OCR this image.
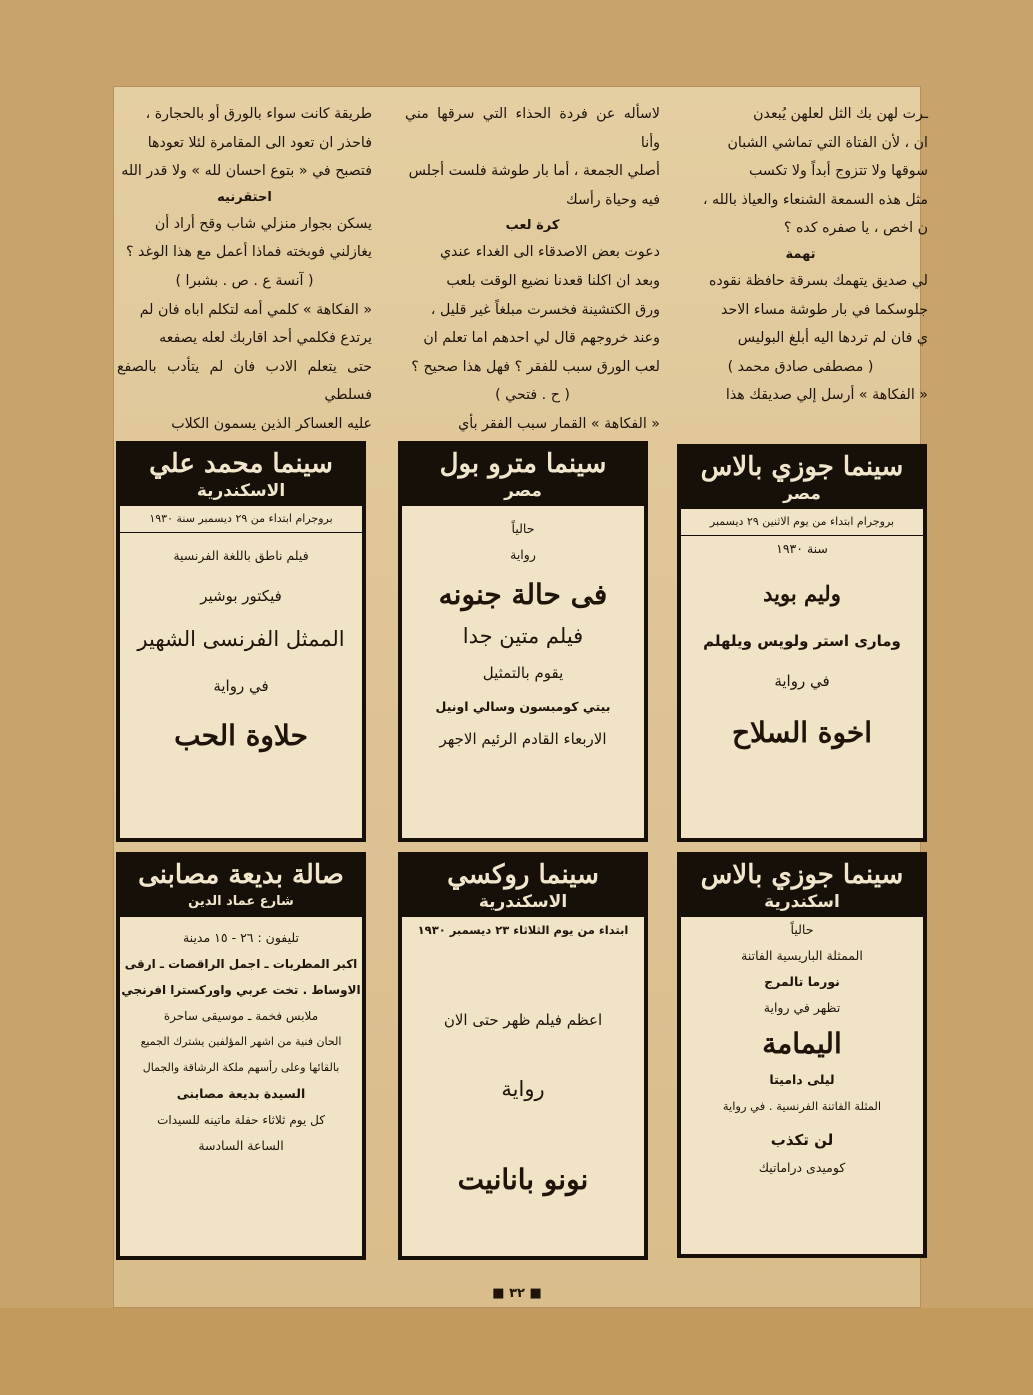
ـرت لهن بك الثل لعلهن يُبعدن

ان ، لأن الفتاة التي تماشي الشبان

سوقها ولا تتزوج أبداً ولا تكسب

مثل هذه السمعة الشنعاء والعياذ بالله ،

ن اخص ، يا صفره كده ؟

تهمة

لي صديق يتهمك بسرقة حافظة نقوده

جلوسكما في بار طوشة مساء الاحد

ي فان لم تردها اليه أبلغ البوليس

( مصطفى صادق محمد )

« الفكاهة » أرسل إلي صديقك هذا

لاسأله عن فردة الحذاء التي سرقها مني وأنا

أصلي الجمعة ، أما بار طوشة فلست أجلس

فيه وحياة رأسك

كرة لعب

دعوت بعض الاصدقاء الى الغداء عندي

وبعد ان اكلنا قعدنا نضيع الوقت بلعب

ورق الكتشينة فخسرت مبلغاً غير قليل ،

وعند خروجهم قال لي احدهم اما تعلم ان

لعب الورق سبب للفقر ؟ فهل هذا صحيح ؟

( ح . فتحي )

« الفكاهة » القمار سبب الفقر بأي

طريقة كانت سواء بالورق أو بالحجارة ،

فاحذر ان تعود الى المقامرة لئلا تعودها

فتصبح في « بتوع احسان لله » ولا قدر الله

احتقرنيه

يسكن بجوار منزلي شاب وقح أراد أن

يغازلني فوبخته فماذا أعمل مع هذا الوغد ؟

( آنسة ع . ص . بشبرا )

« الفكاهة » كلمي أمه لتكلم اباه فان لم

يرتدع فكلمي أحد اقاربك لعله يصفعه

حتى يتعلم الادب فان لم يتأدب بالصفع فسلطي

عليه العساكر الذين يسمون الكلاب

سينما جوزي بالاس
مصر
بروجرام ابتداء من يوم الاثنين ٢٩ ديسمبر
سنة ١٩٣٠
ولیم بوید
ومارى استر ولويس ويلهلم
في رواية
اخوة السلاح
سينما مترو بول
مصر
حالياً
رواية
فى حالة جنونه
فيلم متين جدا
يقوم بالتمثيل
بيتي كومبسون وسالي اونيل
الاربعاء القادم الرئيم الاجهر
سينما محمد علي
الاسكندرية
بروجرام ابتداء من ٢٩ ديسمبر سنة ١٩٣٠
فيلم ناطق باللغة الفرنسية
فيكتور بوشير
الممثل الفرنسى الشهير
في رواية
حلاوة الحب
سينما جوزي بالاس
اسكندرية
حالياً
الممثلة الباريسية الفاتنة
نورما تالمرج
تظهر في رواية
اليمامة
ليلى داميتا
المثلة الفاتنة الفرنسية . في رواية
لن تكذب
كوميدى دراماتيك
سينما روكسي
الاسكندرية
ابتداء من يوم الثلاثاء ٢٣ ديسمبر ١٩٣٠
اعظم فيلم ظهر حتى الان
رواية
نونو بانانيت
صالة بديعة مصابنى
شارع عماد الدين
تليفون : ٢٦ - ١٥ مدينة
اكبر المطربات ـ اجمل الراقصات ـ ارقى
الاوساط . تخت عربي واوركسترا افرنجي
ملابس فخمة ـ موسيقى ساحرة
الحان فنية من اشهر المؤلفين يشترك الجميع
بالقائها وعلى رأسهم ملكة الرشاقة والجمال
السيدة بديعة مصابنى
كل يوم ثلاثاء حفلة ماتينه للسيدات
الساعة السادسة
■ ٣٢ ■
